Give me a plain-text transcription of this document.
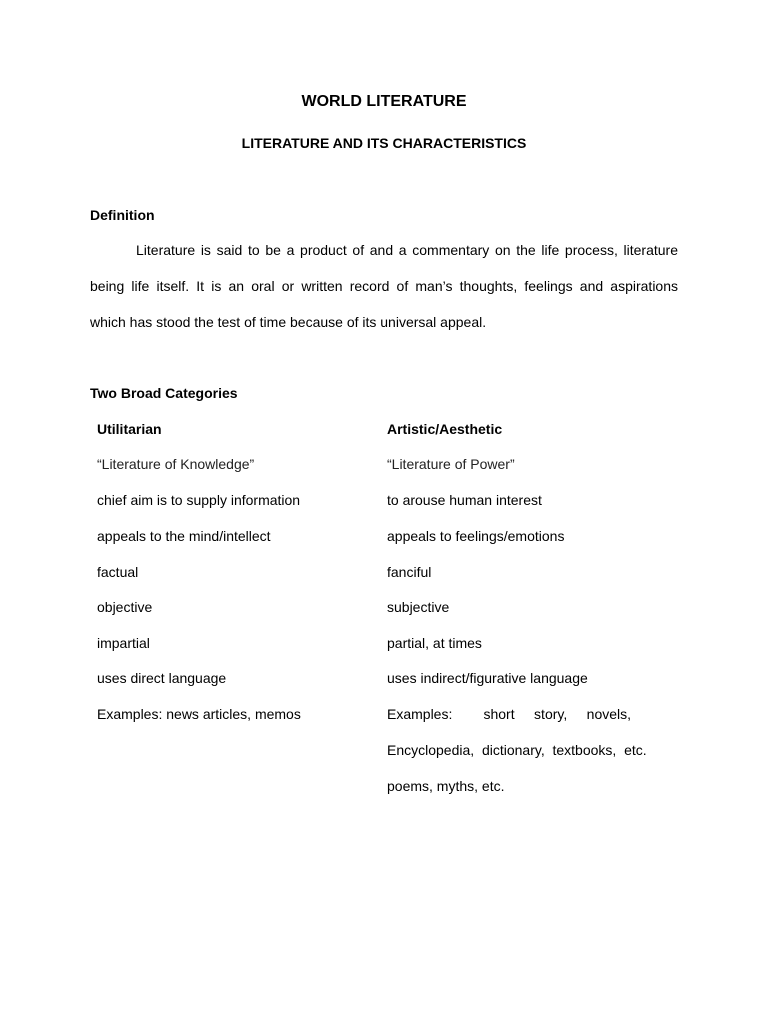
WORLD LITERATURE
LITERATURE AND ITS CHARACTERISTICS
Definition
Literature is said to be a product of and a commentary on the life process, literature
being life itself. It is an oral or written record of man’s thoughts, feelings and aspirations
which has stood the test of time because of its universal appeal.
Two Broad Categories
Utilitarian
“Literature of Knowledge”
chief aim is to supply information
appeals to the mind/intellect
factual
objective
impartial
uses direct language
Examples: news articles, memos
Artistic/Aesthetic
“Literature of Power”
to arouse human interest
appeals to feelings/emotions
fanciful
subjective
partial, at times
uses indirect/figurative language
Examples:        short     story,     novels,
Encyclopedia,  dictionary,  textbooks,  etc.
poems, myths, etc.
